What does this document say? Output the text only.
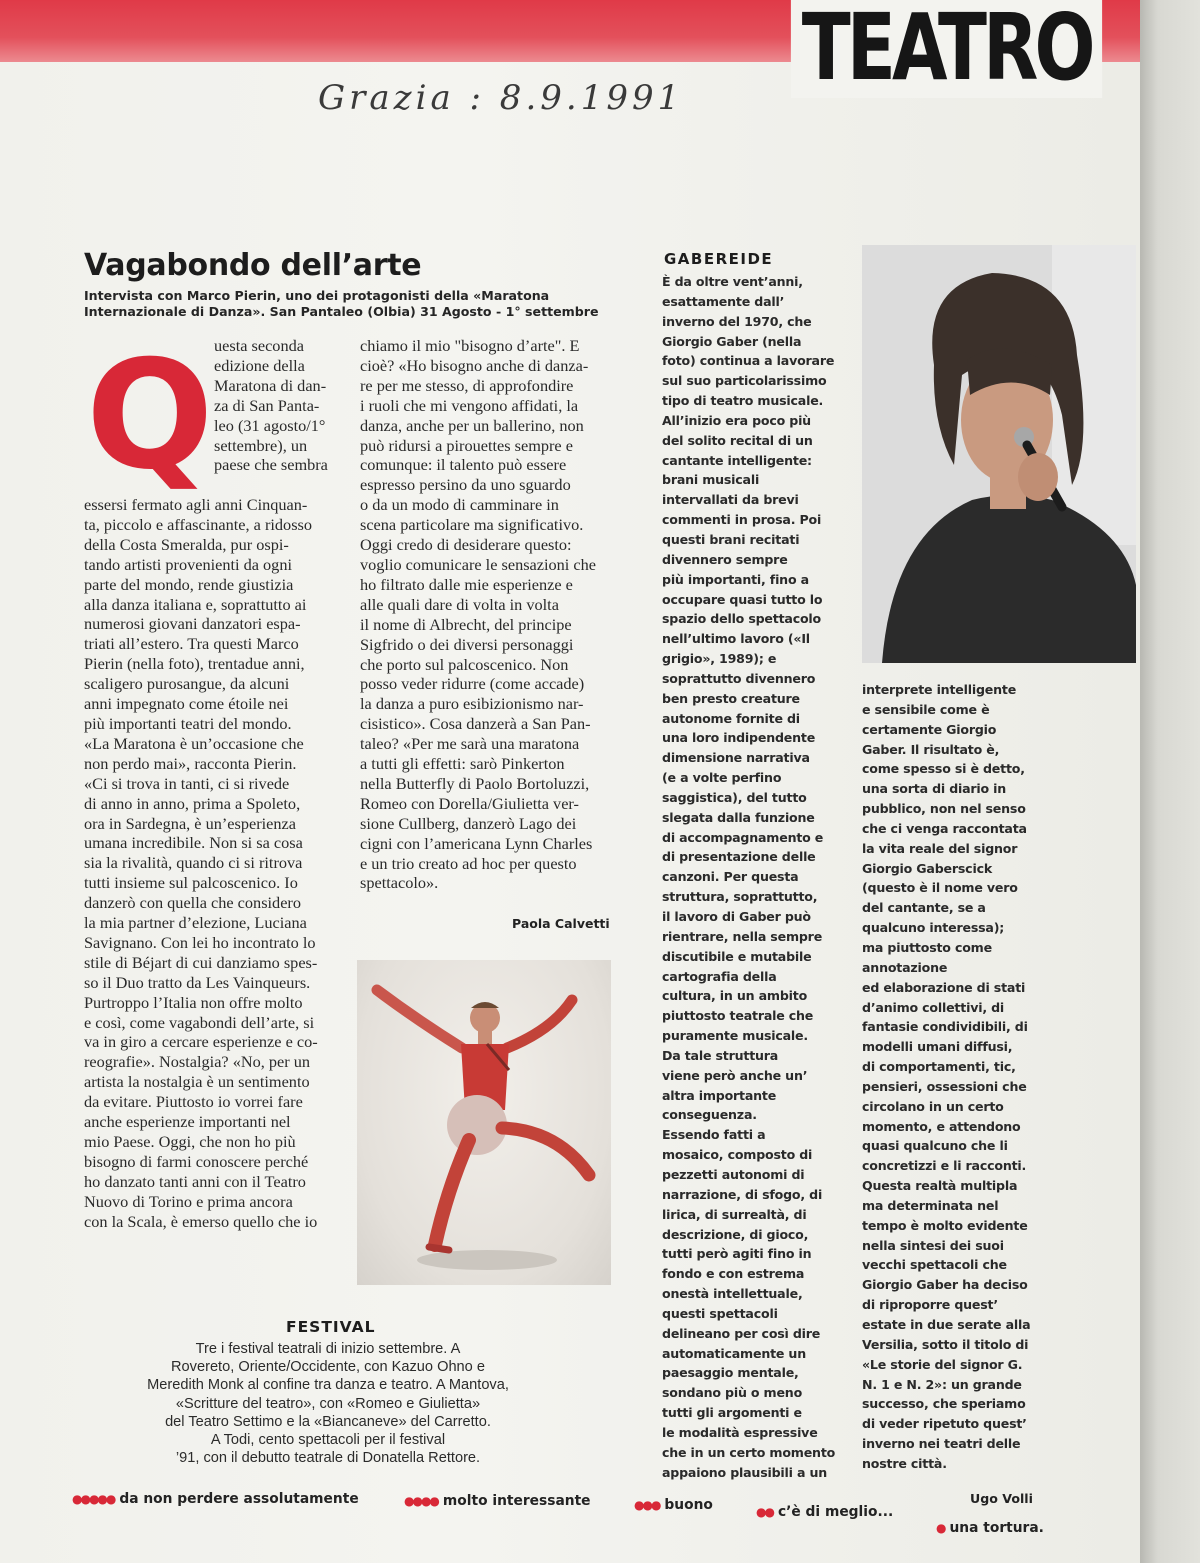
TEATRO
Grazia : 8.9.1991
Vagabondo dell’arte
Intervista con Marco Pierin, uno dei protagonisti della «Maratona Internazionale di Danza». San Pantaleo (Olbia) 31 Agosto - 1° settembre
Q uesta seconda
edizione della
Maratona di dan-
za di San Panta-
leo (31 agosto/1°
settembre), un
paese che sembra
essersi fermato agli anni Cinquan-
ta, piccolo e affascinante, a ridosso
della Costa Smeralda, pur ospi-
tando artisti provenienti da ogni
parte del mondo, rende giustizia
alla danza italiana e, soprattutto ai
numerosi giovani danzatori espa-
triati all’estero. Tra questi Marco
Pierin (nella foto), trentadue anni,
scaligero purosangue, da alcuni
anni impegnato come étoile nei
più importanti teatri del mondo.
«La Maratona è un’occasione che
non perdo mai», racconta Pierin.
«Ci si trova in tanti, ci si rivede
di anno in anno, prima a Spoleto,
ora in Sardegna, è un’esperienza
umana incredibile. Non si sa cosa
sia la rivalità, quando ci si ritrova
tutti insieme sul palcoscenico. Io
danzerò con quella che considero
la mia partner d’elezione, Luciana
Savignano. Con lei ho incontrato lo
stile di Béjart di cui danziamo spes-
so il Duo tratto da Les Vainqueurs.
Purtroppo l’Italia non offre molto
e così, come vagabondi dell’arte, si
va in giro a cercare esperienze e co-
reografie». Nostalgia? «No, per un
artista la nostalgia è un sentimento
da evitare. Piuttosto io vorrei fare
anche esperienze importanti nel
mio Paese. Oggi, che non ho più
bisogno di farmi conoscere perché
ho danzato tanti anni con il Teatro
Nuovo di Torino e prima ancora
con la Scala, è emerso quello che io
chiamo il mio "bisogno d’arte". E
cioè? «Ho bisogno anche di danza-
re per me stesso, di approfondire
i ruoli che mi vengono affidati, la
danza, anche per un ballerino, non
può ridursi a pirouettes sempre e
comunque: il talento può essere
espresso persino da uno sguardo
o da un modo di camminare in
scena particolare ma significativo.
Oggi credo di desiderare questo:
voglio comunicare le sensazioni che
ho filtrato dalle mie esperienze e
alle quali dare di volta in volta
il nome di Albrecht, del principe
Sigfrido o dei diversi personaggi
che porto sul palcoscenico. Non
posso veder ridurre (come accade)
la danza a puro esibizionismo nar-
cisistico». Cosa danzerà a San Pan-
taleo? «Per me sarà una maratona
a tutti gli effetti: sarò Pinkerton
nella Butterfly di Paolo Bortoluzzi,
Romeo con Dorella/Giulietta ver-
sione Cullberg, danzerò Lago dei
cigni con l’americana Lynn Charles
e un trio creato ad hoc per questo
spettacolo».
Paola Calvetti
GABEREIDE
È da oltre vent’anni,
esattamente dall’
inverno del 1970, che
Giorgio Gaber (nella
foto) continua a lavorare
sul suo particolarissimo
tipo di teatro musicale.
All’inizio era poco più
del solito recital di un
cantante intelligente:
brani musicali
intervallati da brevi
commenti in prosa. Poi
questi brani recitati
divennero sempre
più importanti, fino a
occupare quasi tutto lo
spazio dello spettacolo
nell’ultimo lavoro («Il
grigio», 1989); e
soprattutto divennero
ben presto creature
autonome fornite di
una loro indipendente
dimensione narrativa
(e a volte perfino
saggistica), del tutto
slegata dalla funzione
di accompagnamento e
di presentazione delle
canzoni. Per questa
struttura, soprattutto,
il lavoro di Gaber può
rientrare, nella sempre
discutibile e mutabile
cartografia della
cultura, in un ambito
piuttosto teatrale che
puramente musicale.
Da tale struttura
viene però anche un’
altra importante
conseguenza.
Essendo fatti a
mosaico, composto di
pezzetti autonomi di
narrazione, di sfogo, di
lirica, di surrealtà, di
descrizione, di gioco,
tutti però agiti fino in
fondo e con estrema
onestà intellettuale,
questi spettacoli
delineano per così dire
automaticamente un
paesaggio mentale,
sondano più o meno
tutti gli argomenti e
le modalità espressive
che in un certo momento
appaiono plausibili a un
interprete intelligente
e sensibile come è
certamente Giorgio
Gaber. Il risultato è,
come spesso si è detto,
una sorta di diario in
pubblico, non nel senso
che ci venga raccontata
la vita reale del signor
Giorgio Gaberscick
(questo è il nome vero
del cantante, se a
qualcuno interessa);
ma piuttosto come
annotazione
ed elaborazione di stati
d’animo collettivi, di
fantasie condividibili, di
modelli umani diffusi,
di comportamenti, tic,
pensieri, ossessioni che
circolano in un certo
momento, e attendono
quasi qualcuno che li
concretizzi e li racconti.
Questa realtà multipla
ma determinata nel
tempo è molto evidente
nella sintesi dei suoi
vecchi spettacoli che
Giorgio Gaber ha deciso
di riproporre quest’
estate in due serate alla
Versilia, sotto il titolo di
«Le storie del signor G.
N. 1 e N. 2»: un grande
successo, che speriamo
di veder ripetuto quest’
inverno nei teatri delle
nostre città.
Ugo Volli
FESTIVAL
Tre i festival teatrali di inizio settembre. A
Rovereto, Oriente/Occidente, con Kazuo Ohno e
Meredith Monk al confine tra danza e teatro. A Mantova,
«Scritture del teatro», con «Romeo e Giulietta»
del Teatro Settimo e la «Biancaneve» del Carretto.
A Todi, cento spettacoli per il festival
’91, con il debutto teatrale di Donatella Rettore.
●●●●● da non perdere assolutamente	●●●● molto interessante	●●● buono	●● c’è di meglio...
● una tortura.
